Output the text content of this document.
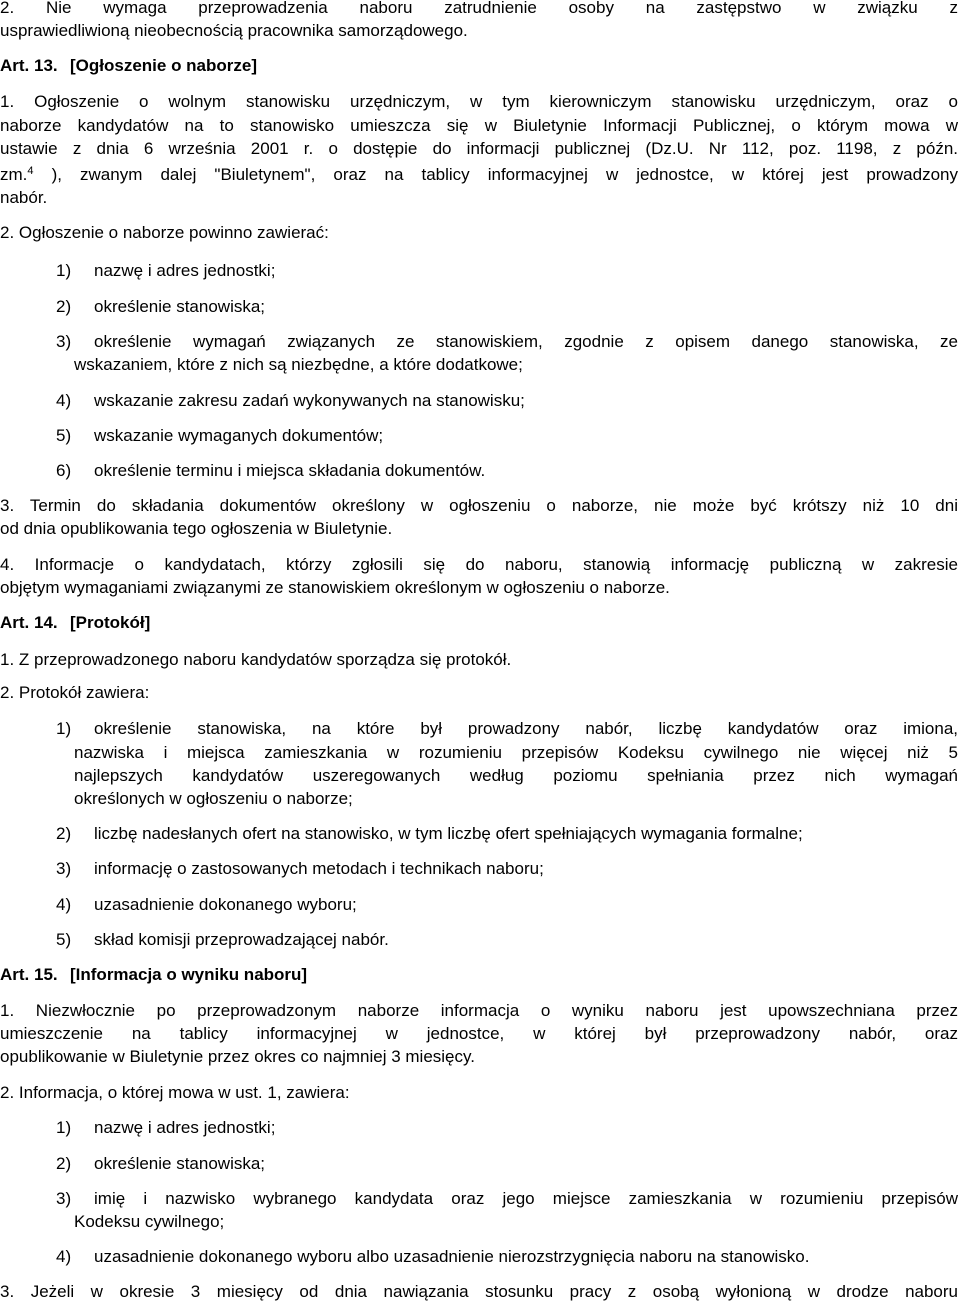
2. Nie wymaga przeprowadzenia naboru zatrudnienie osoby na zastępstwo w związku z
usprawiedliwioną nieobecnością pracownika samorządowego.
Art. 13. [Ogłoszenie o naborze]
1. Ogłoszenie o wolnym stanowisku urzędniczym, w tym kierowniczym stanowisku urzędniczym, oraz o
naborze kandydatów na to stanowisko umieszcza się w Biuletynie Informacji Publicznej, o którym mowa w
ustawie z dnia 6 września 2001 r. o dostępie do informacji publicznej (Dz.U. Nr 112, poz. 1198, z późn.
zm.$^4$ ), zwanym dalej "Biuletynem", oraz na tablicy informacyjnej w jednostce, w której jest prowadzony
nabór.
2. Ogłoszenie o naborze powinno zawierać:
1) nazwę i adres jednostki;
2) określenie stanowiska;
3) określenie wymagań związanych ze stanowiskiem, zgodnie z opisem danego stanowiska, ze
wskazaniem, które z nich są niezbędne, a które dodatkowe;
4) wskazanie zakresu zadań wykonywanych na stanowisku;
5) wskazanie wymaganych dokumentów;
6) określenie terminu i miejsca składania dokumentów.
3. Termin do składania dokumentów określony w ogłoszeniu o naborze, nie może być krótszy niż 10 dni
od dnia opublikowania tego ogłoszenia w Biuletynie.
4. Informacje o kandydatach, którzy zgłosili się do naboru, stanowią informację publiczną w zakresie
objętym wymaganiami związanymi ze stanowiskiem określonym w ogłoszeniu o naborze.
Art. 14. [Protokół]
1. Z przeprowadzonego naboru kandydatów sporządza się protokół.
2. Protokół zawiera:
1) określenie stanowiska, na które był prowadzony nabór, liczbę kandydatów oraz imiona,
nazwiska i miejsca zamieszkania w rozumieniu przepisów Kodeksu cywilnego nie więcej niż 5
najlepszych kandydatów uszeregowanych według poziomu spełniania przez nich wymagań
określonych w ogłoszeniu o naborze;
2) liczbę nadesłanych ofert na stanowisko, w tym liczbę ofert spełniających wymagania formalne;
3) informację o zastosowanych metodach i technikach naboru;
4) uzasadnienie dokonanego wyboru;
5) skład komisji przeprowadzającej nabór.
Art. 15. [Informacja o wyniku naboru]
1. Niezwłocznie po przeprowadzonym naborze informacja o wyniku naboru jest upowszechniana przez
umieszczenie na tablicy informacyjnej w jednostce, w której był przeprowadzony nabór, oraz
opublikowanie w Biuletynie przez okres co najmniej 3 miesięcy.
2. Informacja, o której mowa w ust. 1, zawiera:
1) nazwę i adres jednostki;
2) określenie stanowiska;
3) imię i nazwisko wybranego kandydata oraz jego miejsce zamieszkania w rozumieniu przepisów
Kodeksu cywilnego;
4) uzasadnienie dokonanego wyboru albo uzasadnienie nierozstrzygnięcia naboru na stanowisko.
3. Jeżeli w okresie 3 miesięcy od dnia nawiązania stosunku pracy z osobą wyłonioną w drodze naboru
